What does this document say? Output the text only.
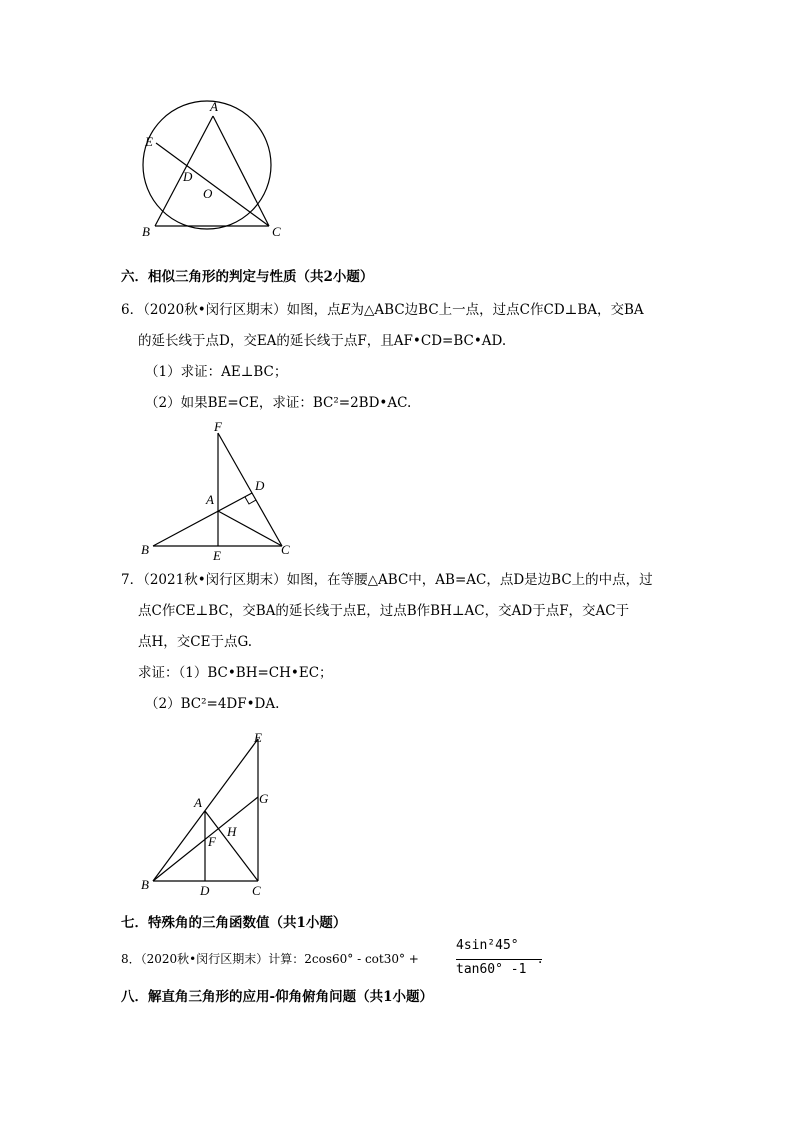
A
E
D
O
B	C
六．相似三角形的判定与性质（共2小题）
6．（2020秋•闵行区期末）如图，点E为△ABC边BC上一点，过点C作CD⊥BA，交BA
的延长线于点D，交EA的延长线于点F，且AF•CD=BC•AD.
（1）求证：AE⊥BC；
（2）如果BE=CE，求证：BC²=2BD•AC.
F
D
A
B	E	C
7．（2021秋•闵行区期末）如图，在等腰△ABC中，AB=AC，点D是边BC上的中点，过
点C作CE⊥BC，交BA的延长线于点E，过点B作BH⊥AC，交AD于点F，交AC于
点H，交CE于点G.
求证：（1）BC•BH=CH•EC；
（2）BC²=4DF•DA.
E
A	G
H
F
B	D	C
七．特殊角的三角函数值（共1小题）
8．（2020秋•闵行区期末）计算：2cos60° - cot30° +
4sin²45°
tan60° -1
.
八．解直角三角形的应用-仰角俯角问题（共1小题）
